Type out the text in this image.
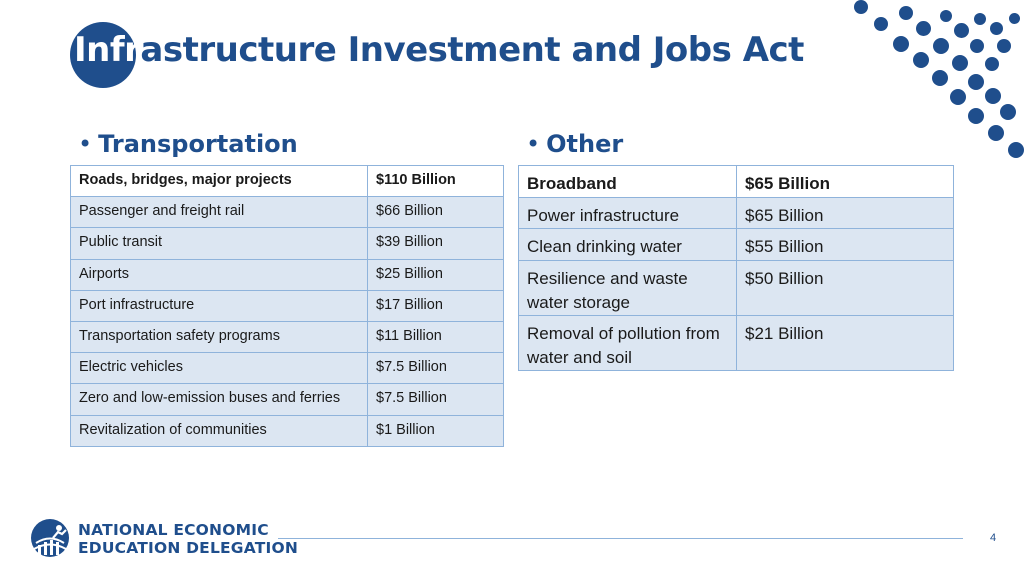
Infrastructure Investment and Jobs Act
• Transportation	• Other
Roads, bridges, major projects	$110 Billion
Passenger and freight rail	$66 Billion
Public transit	$39 Billion
Airports	$25 Billion
Port infrastructure	$17 Billion
Transportation safety programs	$11 Billion
Electric vehicles	$7.5 Billion
Zero and low-emission buses and ferries	$7.5 Billion
Revitalization of communities	$1 Billion
Broadband	$65 Billion
Power infrastructure	$65 Billion
Clean drinking water	$55 Billion
Resilience and waste water storage	$50 Billion
Removal of pollution from water and soil	$21 Billion
NATIONAL ECONOMIC
EDUCATION DELEGATION
4
